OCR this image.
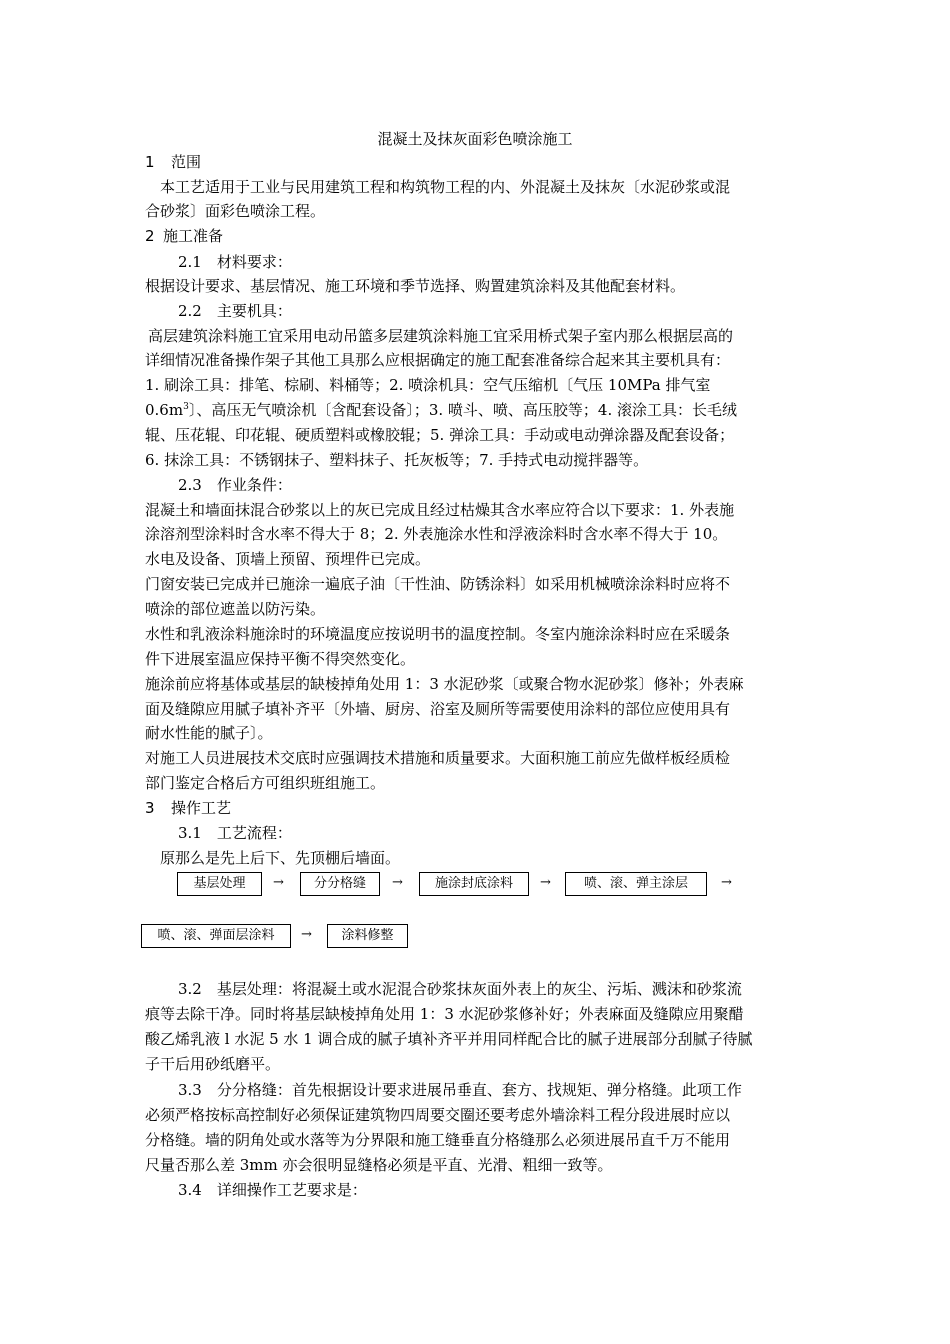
混凝土及抹灰面彩色喷涂施工
1 范围
本工艺适用于工业与民用建筑工程和构筑物工程的内、外混凝土及抹灰〔水泥砂浆或混
合砂浆〕面彩色喷涂工程。
2 施工准备
2.1　材料要求：
根据设计要求、基层情况、施工环境和季节选择、购置建筑涂料及其他配套材料。
2.2　主要机具：
高层建筑涂料施工宜采用电动吊篮多层建筑涂料施工宜采用桥式架子室内那么根据层高的
详细情况准备操作架子其他工具那么应根据确定的施工配套准备综合起来其主要机具有：
1. 刷涂工具：排笔、棕刷、料桶等；2. 喷涂机具：空气压缩机〔气压 10MPa 排气室
$0.6m^3$〕、高压无气喷涂机〔含配套设备〕；3. 喷斗、喷、高压胶等；4. 滚涂工具：长毛绒
辊、压花辊、印花辊、硬质塑料或橡胶辊；5. 弹涂工具：手动或电动弹涂器及配套设备；
6. 抹涂工具：不锈钢抹子、塑料抹子、托灰板等；7. 手持式电动搅拌器等。
2.3　作业条件：
混凝土和墙面抹混合砂浆以上的灰已完成且经过枯燥其含水率应符合以下要求：1. 外表施
涂溶剂型涂料时含水率不得大于 8；2. 外表施涂水性和浮液涂料时含水率不得大于 10。
水电及设备、顶墙上预留、预埋件已完成。
门窗安装已完成并已施涂一遍底子油〔干性油、防锈涂料〕如采用机械喷涂涂料时应将不
喷涂的部位遮盖以防污染。
水性和乳液涂料施涂时的环境温度应按说明书的温度控制。冬室内施涂涂料时应在采暖条
件下进展室温应保持平衡不得突然变化。
施涂前应将基体或基层的缺棱掉角处用 1：3 水泥砂浆〔或聚合物水泥砂浆〕修补；外表麻
面及缝隙应用腻子填补齐平〔外墙、厨房、浴室及厕所等需要使用涂料的部位应使用具有
耐水性能的腻子〕。
对施工人员进展技术交底时应强调技术措施和质量要求。大面积施工前应先做样板经质检
部门鉴定合格后方可组织班组施工。
3 操作工艺
3.1　工艺流程：
原那么是先上后下、先顶棚后墙面。
基层处理	→	分分格缝	→	施涂封底涂料	→	喷、滚、弹主涂层	→
喷、滚、弹面层涂料	→	涂料修整
3.2　基层处理：将混凝土或水泥混合砂浆抹灰面外表上的灰尘、污垢、溅沫和砂浆流
痕等去除干净。同时将基层缺棱掉角处用 1：3 水泥砂浆修补好；外表麻面及缝隙应用聚醋
酸乙烯乳液 l 水泥 5 水 1 调合成的腻子填补齐平并用同样配合比的腻子进展部分刮腻子待腻
子干后用砂纸磨平。
3.3　分分格缝：首先根据设计要求进展吊垂直、套方、找规矩、弹分格缝。此项工作
必须严格按标高控制好必须保证建筑物四周要交圈还要考虑外墙涂料工程分段进展时应以
分格缝。墙的阴角处或水落等为分界限和施工缝垂直分格缝那么必须进展吊直千万不能用
尺量否那么差 3mm 亦会很明显缝格必须是平直、光滑、粗细一致等。
3.4　详细操作工艺要求是：
